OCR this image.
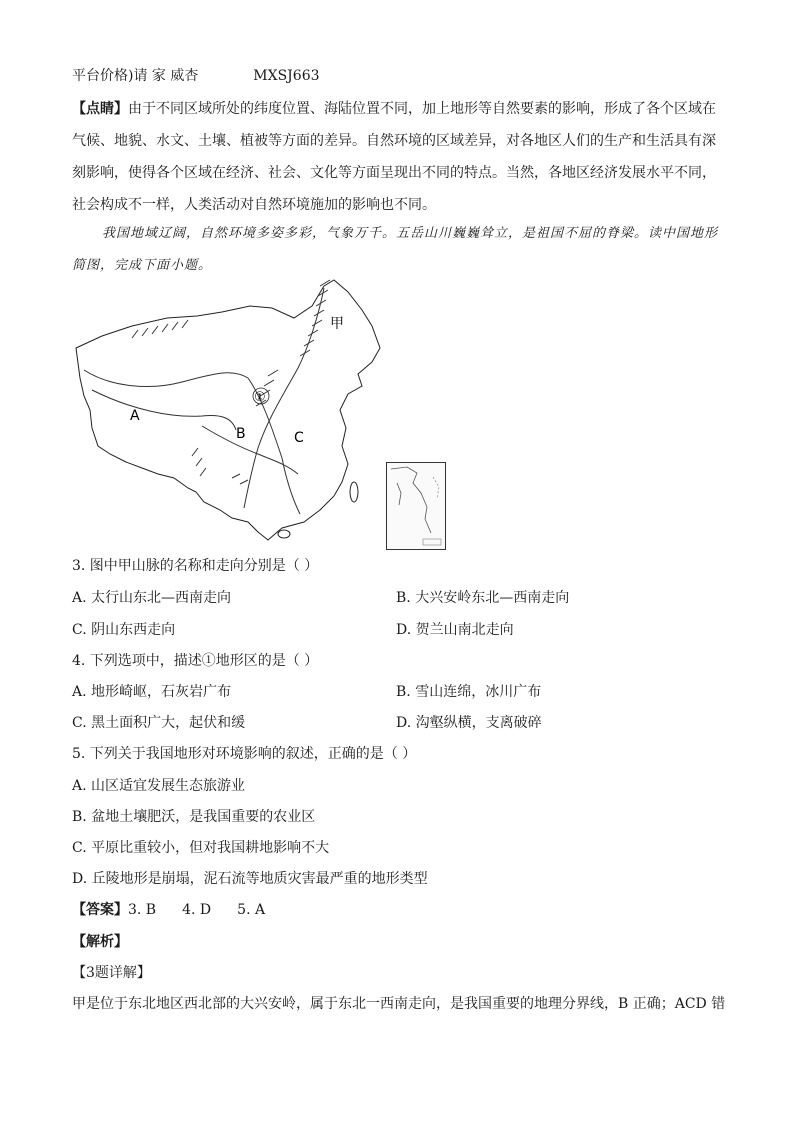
平台价格)请 家 威杏	MXSJ663
【点睛】由于不同区域所处的纬度位置、海陆位置不同，加上地形等自然要素的影响，形成了各个区域在
气候、地貌、水文、土壤、植被等方面的差异。自然环境的区域差异，对各地区人们的生产和生活具有深
刻影响，使得各个区域在经济、社会、文化等方面呈现出不同的特点。当然，各地区经济发展水平不同，
社会构成不一样，人类活动对自然环境施加的影响也不同。
我国地域辽阔，自然环境多姿多彩，气象万千。五岳山川巍巍耸立，是祖国不屈的脊梁。读中国地形
简图，完成下面小题。
甲
①
A
B	C
3. 图中甲山脉的名称和走向分别是（ ）
A. 太行山东北—西南走向	B. 大兴安岭东北—西南走向
C. 阴山东西走向	D. 贺兰山南北走向
4. 下列选项中，描述①地形区的是（ ）
A. 地形崎岖，石灰岩广布	B. 雪山连绵，冰川广布
C. 黑土面积广大，起伏和缓	D. 沟壑纵横，支离破碎
5. 下列关于我国地形对环境影响的叙述，正确的是（ ）
A. 山区适宜发展生态旅游业
B. 盆地土壤肥沃，是我国重要的农业区
C. 平原比重较小，但对我国耕地影响不大
D. 丘陵地形是崩塌，泥石流等地质灾害最严重的地形类型
【答案】3. B 4. D 5. A
【解析】
【3题详解】
甲是位于东北地区西北部的大兴安岭，属于东北一西南走向，是我国重要的地理分界线，B 正确；ACD 错
